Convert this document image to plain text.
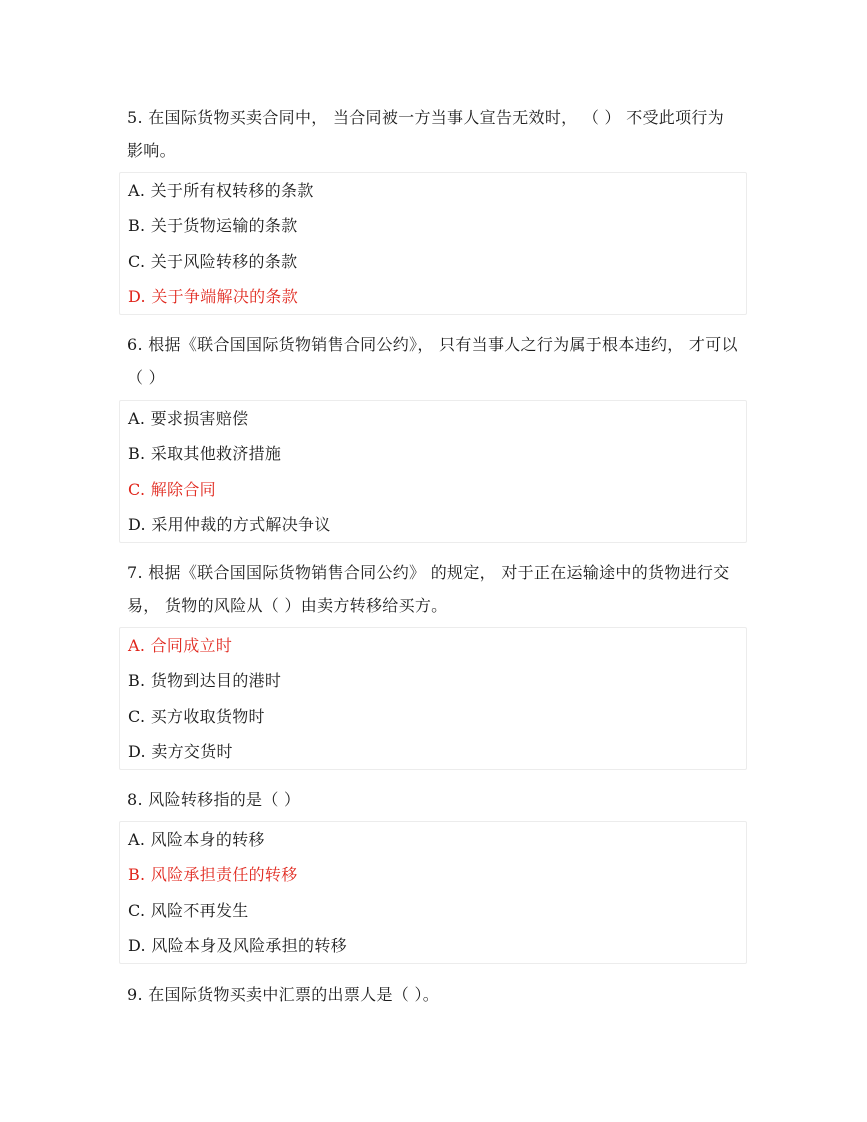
5. 在国际货物买卖合同中， 当合同被一方当事人宣告无效时， （ ） 不受此项行为影响。
A. 关于所有权转移的条款
B. 关于货物运输的条款
C. 关于风险转移的条款
D. 关于争端解决的条款
6. 根据《联合国国际货物销售合同公约》， 只有当事人之行为属于根本违约， 才可以（ ）
A. 要求损害赔偿
B. 采取其他救济措施
C. 解除合同
D. 采用仲裁的方式解决争议
7. 根据《联合国国际货物销售合同公约》 的规定， 对于正在运输途中的货物进行交易， 货物的风险从（ ）由卖方转移给买方。
A. 合同成立时
B. 货物到达目的港时
C. 买方收取货物时
D. 卖方交货时
8. 风险转移指的是（ ）
A. 风险本身的转移
B. 风险承担责任的转移
C. 风险不再发生
D. 风险本身及风险承担的转移
9. 在国际货物买卖中汇票的出票人是（ ）。
